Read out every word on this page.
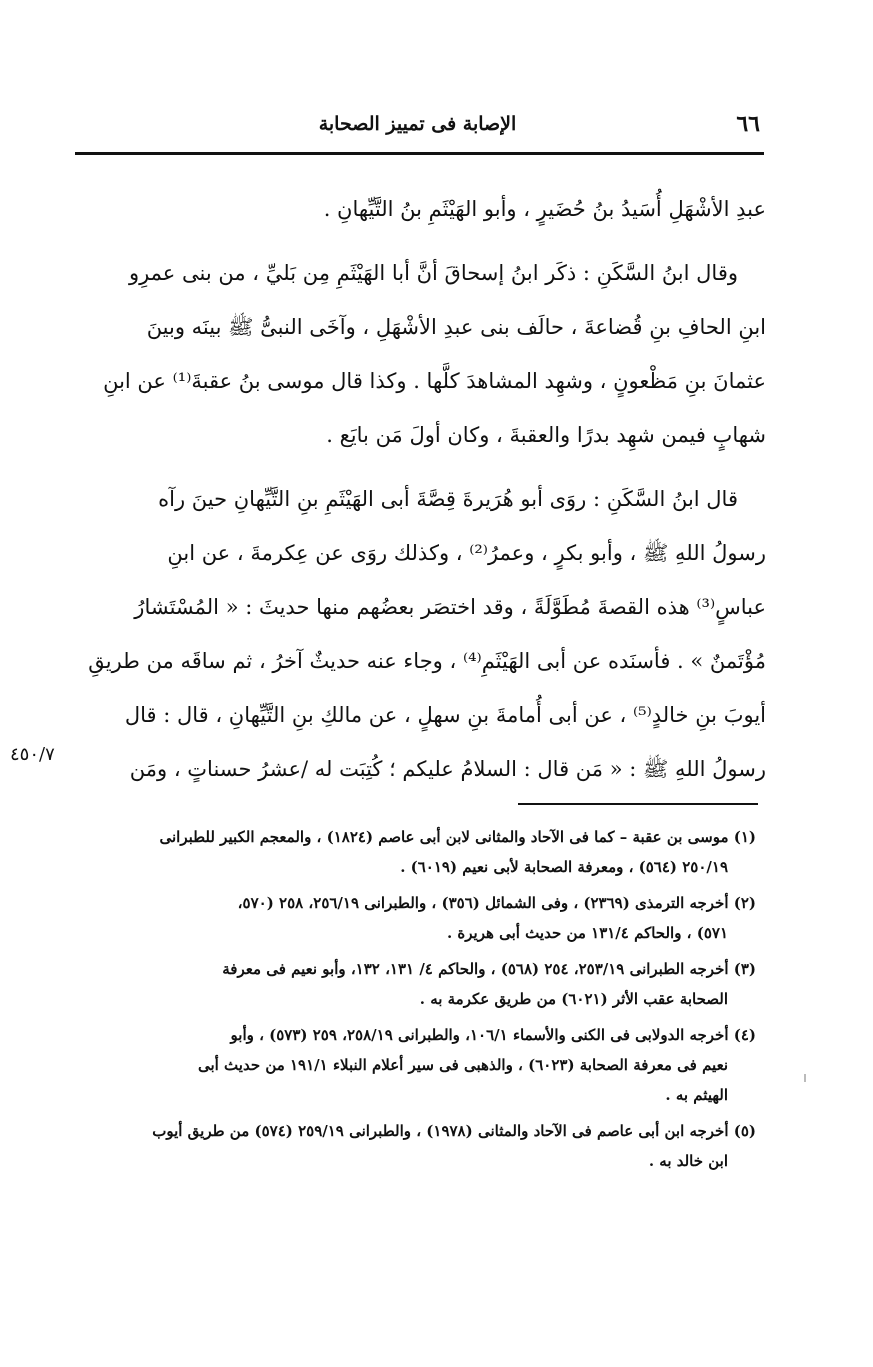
٦٦
الإصابة فى تمييز الصحابة

عبدِ الأشْهَلِ أُسَيدُ بنُ حُضَيرٍ ، وأبو الهَيْثَمِ بنُ التَّيِّهانِ .

وقال ابنُ السَّكَنِ : ذكَر ابنُ إسحاقَ أنَّ أبا الهَيْثَمِ مِن بَليِّ ، من بنى عمرِو
ابنِ الحافِ بنِ قُضاعةَ ، حالَف بنى عبدِ الأشْهَلِ ، وآخَى النبىُّ ﷺ بينَه وبينَ
عثمانَ بنِ مَظْعونٍ ، وشهِد المشاهدَ كلَّها . وكذا قال موسى بنُ عقبةَ⁽¹⁾ عن ابنِ
شهابٍ فيمن شهِد بدرًا والعقبةَ ، وكان أولَ مَن بايَع .

قال ابنُ السَّكَنِ : روَى أبو هُرَيرةَ قِصَّةَ أبى الهَيْثَمِ بنِ التَّيِّهانِ حينَ رآه
رسولُ اللهِ ﷺ ، وأبو بكرٍ ، وعمرُ⁽²⁾ ، وكذلك روَى عن عِكرمةَ ، عن ابنِ
عباسٍ⁽³⁾ هذه القصةَ مُطَوَّلَةً ، وقد اختصَر بعضُهم منها حديثَ : « المُسْتَشارُ
مُؤْتَمنٌ » . فأسنَده عن أبى الهَيْثَمِ⁽⁴⁾ ، وجاء عنه حديثٌ آخرُ ، ثم ساقَه من طريقِ
أيوبَ بنِ خالدٍ⁽⁵⁾ ، عن أبى أُمامةَ بنِ سهلٍ ، عن مالكِ بنِ التَّيِّهانِ ، قال : قال
رسولُ اللهِ ﷺ : « مَن قال : السلامُ عليكم ؛ كُتِبَت له /عشرُ حسناتٍ ، ومَن

٤٥٠/٧
(١) موسى بن عقبة – كما فى الآحاد والمثانى لابن أبى عاصم (١٨٢٤) ، والمعجم الكبير للطبرانى
٢٥٠/١٩ (٥٦٤) ، ومعرفة الصحابة لأبى نعيم (٦٠١٩) .
(٢) أخرجه الترمذى (٢٣٦٩) ، وفى الشمائل (٣٥٦) ، والطبرانى ٢٥٦/١٩، ٢٥٨ (٥٧٠،
٥٧١) ، والحاكم ١٣١/٤ من حديث أبى هريرة .
(٣) أخرجه الطبرانى ٢٥٣/١٩، ٢٥٤ (٥٦٨) ، والحاكم ٤/ ١٣١، ١٣٢، وأبو نعيم فى معرفة
الصحابة عقب الأثر (٦٠٢١) من طريق عكرمة به .
(٤) أخرجه الدولابى فى الكنى والأسماء ١٠٦/١، والطبرانى ٢٥٨/١٩، ٢٥٩ (٥٧٣) ، وأبو
نعيم فى معرفة الصحابة (٦٠٢٣) ، والذهبى فى سير أعلام النبلاء ١٩١/١ من حديث أبى
الهيثم به .
(٥) أخرجه ابن أبى عاصم فى الآحاد والمثانى (١٩٧٨) ، والطبرانى ٢٥٩/١٩ (٥٧٤) من طريق أيوب
ابن خالد به .
